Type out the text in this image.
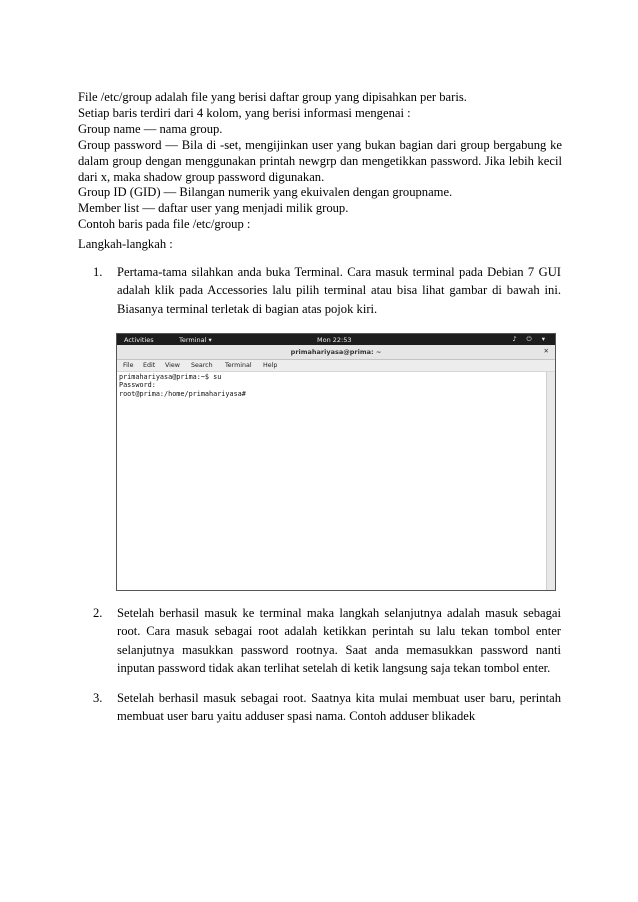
File /etc/group adalah file yang berisi daftar group yang dipisahkan per baris.

Setiap baris terdiri dari 4 kolom, yang berisi informasi mengenai :

Group name — nama group.

Group password — Bila di -set, mengijinkan user yang bukan bagian dari group bergabung ke dalam group dengan menggunakan printah newgrp dan mengetikkan password. Jika lebih kecil dari x, maka shadow group password digunakan.

Group ID (GID) — Bilangan numerik yang ekuivalen dengan groupname.

Member list — daftar user yang menjadi milik group.

Contoh baris pada file /etc/group :

Langkah-langkah :
1.	Pertama-tama silahkan anda buka Terminal. Cara masuk terminal pada Debian 7 GUI adalah klik pada Accessories lalu pilih terminal atau bisa lihat gambar di bawah ini. Biasanya terminal terletak di bagian atas pojok kiri.
Activities	Terminal ▾	Mon 22:53	♪ ⏻ ▾
primahariyasa@prima: ~	✕
File Edit View Search Terminal Help
primahariyasa@prima:~$ su
Password:
root@prima:/home/primahariyasa#
2.	Setelah berhasil masuk ke terminal maka langkah selanjutnya adalah masuk sebagai root. Cara masuk sebagai root adalah ketikkan perintah su lalu tekan tombol enter selanjutnya masukkan password rootnya. Saat anda memasukkan password nanti inputan password tidak akan terlihat setelah di ketik langsung saja tekan tombol enter.
3.	Setelah berhasil masuk sebagai root. Saatnya kita mulai membuat user baru, perintah membuat user baru yaitu adduser spasi nama. Contoh adduser blikadek
